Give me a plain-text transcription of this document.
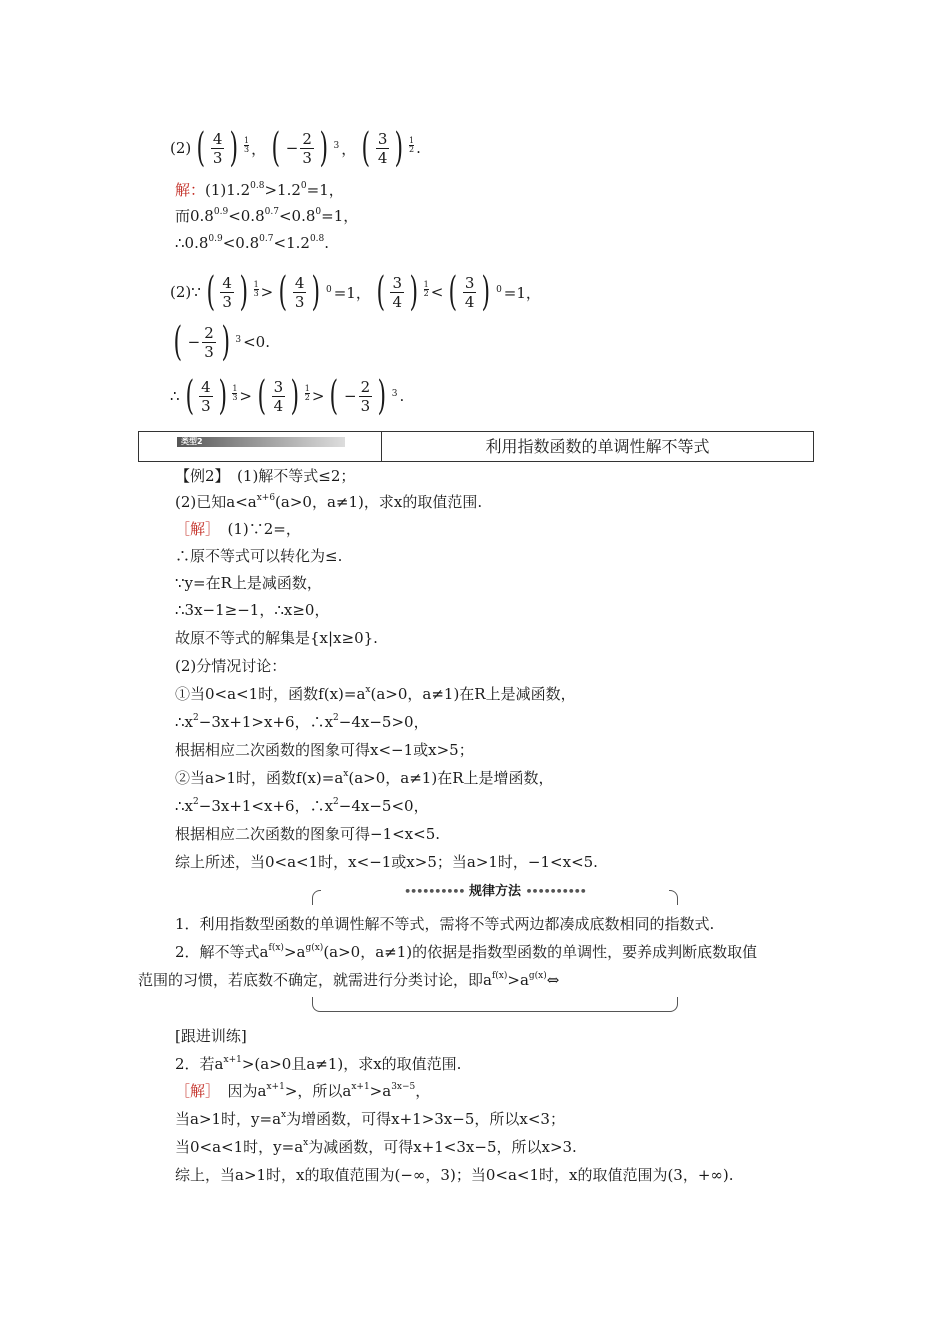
(2) ( $\frac{4}{3}$ ) $\frac{1}{3}$ ， ( − $\frac{2}{3}$ ) 3 ， ( $\frac{3}{4}$ ) $\frac{1}{2}$ .
解：$(1)1.2^{0.8}>1.2^0=1$，
而$0.8^{0.9}<0.8^{0.7}<0.8^0=1$，
$\therefore 0.8^{0.9}<0.8^{0.7}<1.2^{0.8}$.
(2)∵ ( $\frac{4}{3}$ ) $\frac{1}{3}$ > ( $\frac{4}{3}$ ) 0 =1， ( $\frac{3}{4}$ ) $\frac{1}{2}$ < ( $\frac{3}{4}$ ) 0 =1，
( − $\frac{2}{3}$ ) 3 <0.
∴ ( $\frac{4}{3}$ ) $\frac{1}{3}$ > ( $\frac{3}{4}$ ) $\frac{1}{2}$ > ( − $\frac{2}{3}$ ) 3 .
类型2	利用指数函数的单调性解不等式
【例2】　(1)解不等式≤2；
(2)已知$a<a^{x+6}(a>0$，a≠1)，求x的取值范围.
［解］　(1)∵2=，
∴原不等式可以转化为≤.
∵y=在R上是减函数，
∴3x−1≥−1，∴x≥0，
故原不等式的解集是{x|x≥0}.
(2)分情况讨论：
①当0<a<1时，函数$f(x)=a^x(a>0$，a≠1)在R上是减函数，
$\therefore x^2-3x+1>x+6$，$\therefore x^2-4x-5>0$，
根据相应二次函数的图象可得x<−1或x>5；
②当a>1时，函数$f(x)=a^x(a>0$，a≠1)在R上是增函数，
$\therefore x^2-3x+1<x+6$，$\therefore x^2-4x-5<0$，
根据相应二次函数的图象可得−1<x<5.
综上所述，当0<a<1时，x<−1或x>5；当a>1时，−1<x<5.
•••••••••• 规律方法 ••••••••••
1．利用指数型函数的单调性解不等式，需将不等式两边都凑成底数相同的指数式.
2．解不等式$a^{f(x)}>a^{g(x)}(a>0$，a≠1)的依据是指数型函数的单调性，要养成判断底数取值
范围的习惯，若底数不确定，就需进行分类讨论，即$a^{f(x)}>a^{g(x)}\Leftrightarrow$
[跟进训练]
2．若$a^{x+1}>(a>0$且a≠1)，求x的取值范围.
［解］　因为$a^{x+1}>$，所以$a^{x+1}>a^{3x-5}$，
当a>1时，$y=a^x$为增函数，可得x+1>3x−5，所以x<3；
当0<a<1时，$y=a^x$为减函数，可得x+1<3x−5，所以x>3.
综上，当a>1时，x的取值范围为(−∞，3)；当0<a<1时，x的取值范围为(3，+∞).
